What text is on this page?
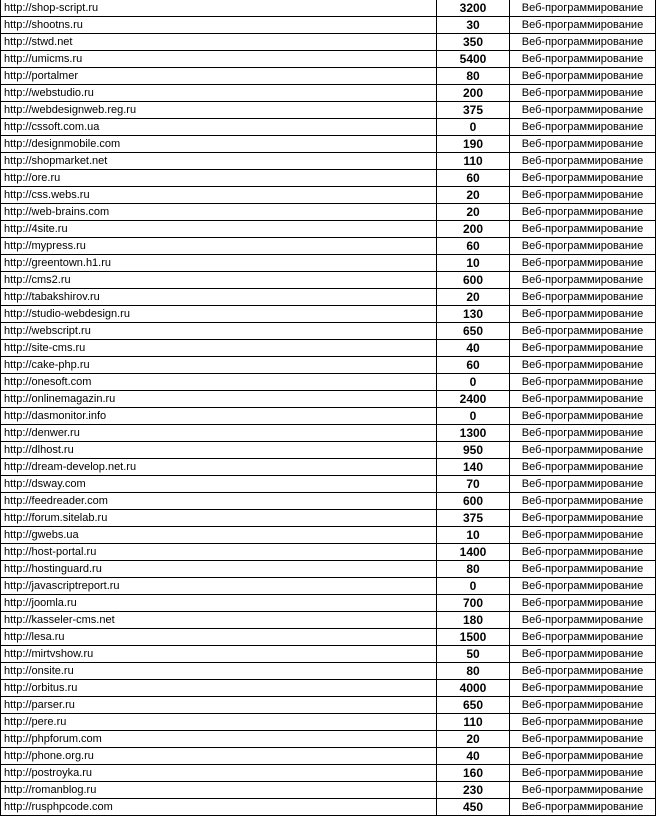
http://shop-script.ru	3200	Веб-программирование
http://shootns.ru	30	Веб-программирование
http://stwd.net	350	Веб-программирование
http://umicms.ru	5400	Веб-программирование
http://portalmer	80	Веб-программирование
http://webstudio.ru	200	Веб-программирование
http://webdesignweb.reg.ru	375	Веб-программирование
http://cssoft.com.ua	0	Веб-программирование
http://designmobile.com	190	Веб-программирование
http://shopmarket.net	110	Веб-программирование
http://ore.ru	60	Веб-программирование
http://css.webs.ru	20	Веб-программирование
http://web-brains.com	20	Веб-программирование
http://4site.ru	200	Веб-программирование
http://mypress.ru	60	Веб-программирование
http://greentown.h1.ru	10	Веб-программирование
http://cms2.ru	600	Веб-программирование
http://tabakshirov.ru	20	Веб-программирование
http://studio-webdesign.ru	130	Веб-программирование
http://webscript.ru	650	Веб-программирование
http://site-cms.ru	40	Веб-программирование
http://cake-php.ru	60	Веб-программирование
http://onesoft.com	0	Веб-программирование
http://onlinemagazin.ru	2400	Веб-программирование
http://dasmonitor.info	0	Веб-программирование
http://denwer.ru	1300	Веб-программирование
http://dlhost.ru	950	Веб-программирование
http://dream-develop.net.ru	140	Веб-программирование
http://dsway.com	70	Веб-программирование
http://feedreader.com	600	Веб-программирование
http://forum.sitelab.ru	375	Веб-программирование
http://gwebs.ua	10	Веб-программирование
http://host-portal.ru	1400	Веб-программирование
http://hostinguard.ru	80	Веб-программирование
http://javascriptreport.ru	0	Веб-программирование
http://joomla.ru	700	Веб-программирование
http://kasseler-cms.net	180	Веб-программирование
http://lesa.ru	1500	Веб-программирование
http://mirtvshow.ru	50	Веб-программирование
http://onsite.ru	80	Веб-программирование
http://orbitus.ru	4000	Веб-программирование
http://parser.ru	650	Веб-программирование
http://pere.ru	110	Веб-программирование
http://phpforum.com	20	Веб-программирование
http://phone.org.ru	40	Веб-программирование
http://postroyka.ru	160	Веб-программирование
http://romanblog.ru	230	Веб-программирование
http://rusphpcode.com	450	Веб-программирование
